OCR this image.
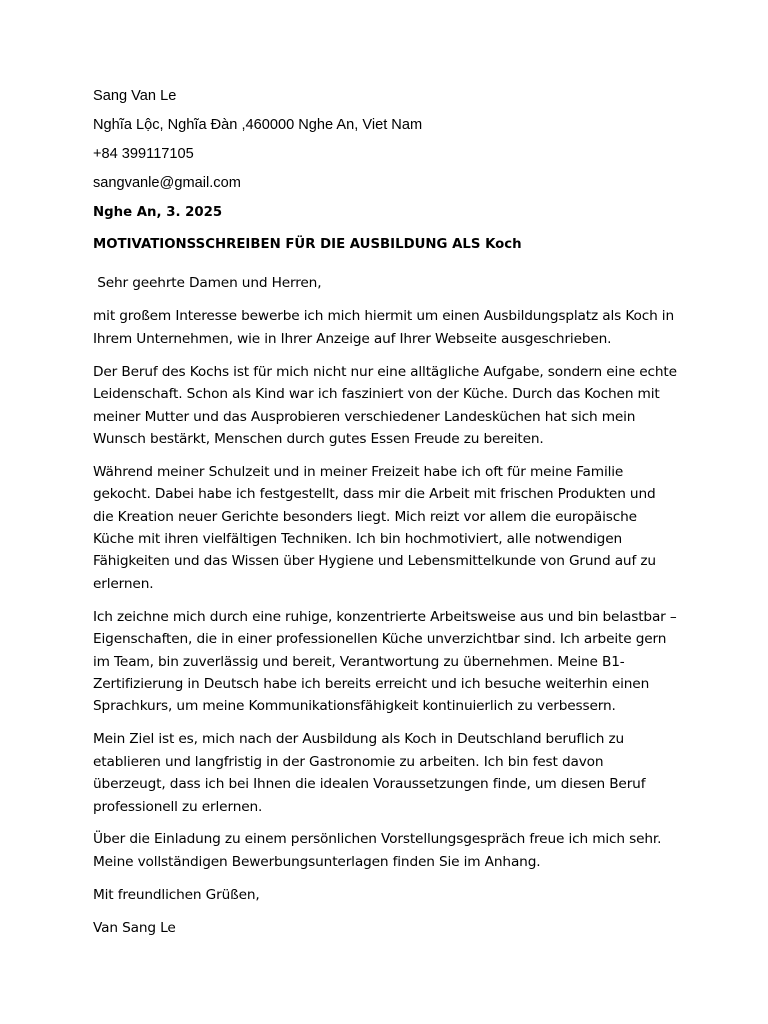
Sang Van Le
Nghĩa Lộc, Nghĩa Đàn ,460000 Nghe An, Viet Nam
+84 399117105
sangvanle@gmail.com
Nghe An, 3. 2025
MOTIVATIONSSCHREIBEN FÜR DIE AUSBILDUNG ALS Koch

Sehr geehrte Damen und Herren,

mit großem Interesse bewerbe ich mich hiermit um einen Ausbildungsplatz als Koch in Ihrem Unternehmen, wie in Ihrer Anzeige auf Ihrer Webseite ausgeschrieben.

Der Beruf des Kochs ist für mich nicht nur eine alltägliche Aufgabe, sondern eine echte Leidenschaft. Schon als Kind war ich fasziniert von der Küche. Durch das Kochen mit meiner Mutter und das Ausprobieren verschiedener Landesküchen hat sich mein Wunsch bestärkt, Menschen durch gutes Essen Freude zu bereiten.

Während meiner Schulzeit und in meiner Freizeit habe ich oft für meine Familie gekocht. Dabei habe ich festgestellt, dass mir die Arbeit mit frischen Produkten und die Kreation neuer Gerichte besonders liegt. Mich reizt vor allem die europäische Küche mit ihren vielfältigen Techniken. Ich bin hochmotiviert, alle notwendigen Fähigkeiten und das Wissen über Hygiene und Lebensmittelkunde von Grund auf zu erlernen.

Ich zeichne mich durch eine ruhige, konzentrierte Arbeitsweise aus und bin belastbar – Eigenschaften, die in einer professionellen Küche unverzichtbar sind. Ich arbeite gern im Team, bin zuverlässig und bereit, Verantwortung zu übernehmen. Meine B1-Zertifizierung in Deutsch habe ich bereits erreicht und ich besuche weiterhin einen Sprachkurs, um meine Kommunikationsfähigkeit kontinuierlich zu verbessern.

Mein Ziel ist es, mich nach der Ausbildung als Koch in Deutschland beruflich zu etablieren und langfristig in der Gastronomie zu arbeiten. Ich bin fest davon überzeugt, dass ich bei Ihnen die idealen Voraussetzungen finde, um diesen Beruf professionell zu erlernen.

Über die Einladung zu einem persönlichen Vorstellungsgespräch freue ich mich sehr. Meine vollständigen Bewerbungsunterlagen finden Sie im Anhang.

Mit freundlichen Grüßen,

Van Sang Le
